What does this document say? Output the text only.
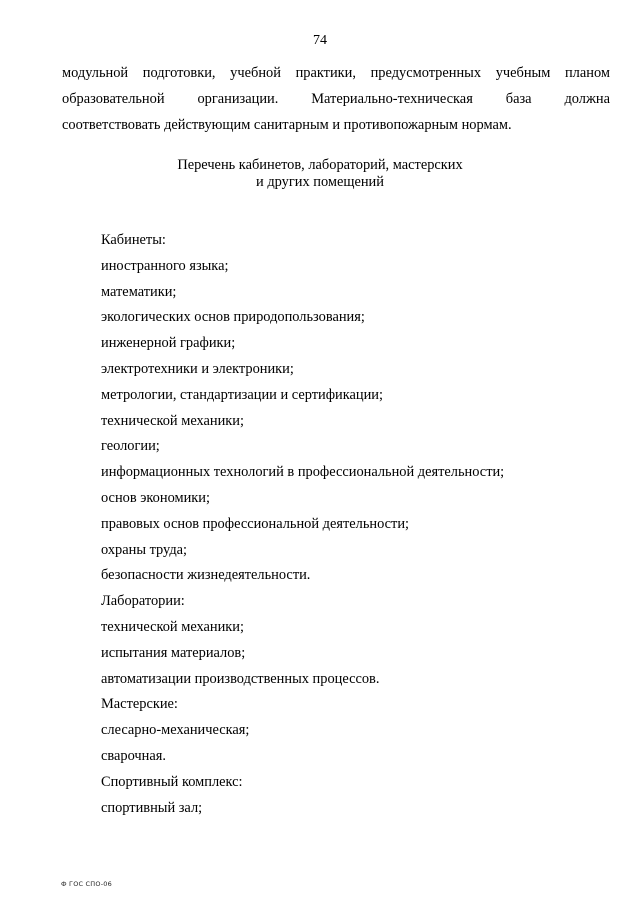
74
модульной подготовки, учебной практики, предусмотренных учебным планом
образовательной организации. Материально-техническая база должна
соответствовать действующим санитарным и противопожарным нормам.
Перечень кабинетов, лабораторий, мастерских
и других помещений
Кабинеты:
иностранного языка;
математики;
экологических основ природопользования;
инженерной графики;
электротехники и электроники;
метрологии, стандартизации и сертификации;
технической механики;
геологии;
информационных технологий в профессиональной деятельности;
основ экономики;
правовых основ профессиональной деятельности;
охраны труда;
безопасности жизнедеятельности.
Лаборатории:
технической механики;
испытания материалов;
автоматизации производственных процессов.
Мастерские:
слесарно-механическая;
сварочная.
Спортивный комплекс:
спортивный зал;
Ф ГОС СПО-06
